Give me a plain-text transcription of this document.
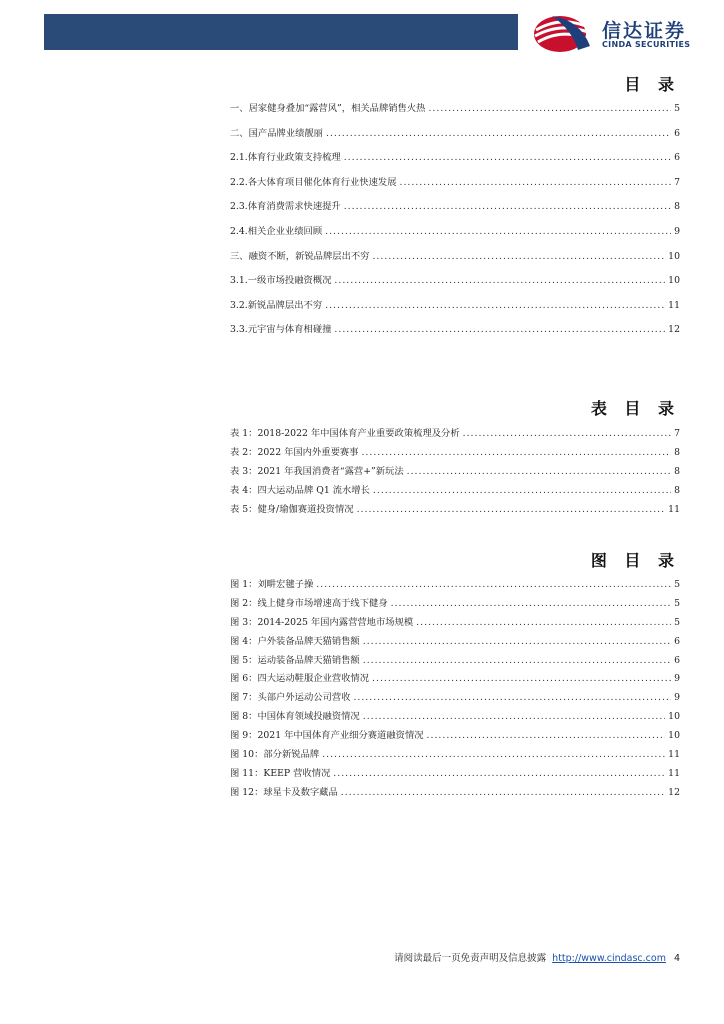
信达证券
CINDA SECURITIES
目 录
一、居家健身叠加“露营风”，相关品牌销售火热 .....	5
二、国产品牌业绩靓丽 .....	6
2.1.体育行业政策支持梳理 .....	6
2.2.各大体育项目催化体育行业快速发展 .....	7
2.3.体育消费需求快速提升 .....	8
2.4.相关企业业绩回顾 .....	9
三、融资不断，新锐品牌层出不穷 .....	10
3.1.一级市场投融资概况 .....	10
3.2.新锐品牌层出不穷 .....	11
3.3.元宇宙与体育相碰撞 .....	12
表 目 录
表 1：2018-2022 年中国体育产业重要政策梳理及分析 .....	7
表 2：2022 年国内外重要赛事 .....	8
表 3：2021 年我国消费者“露营+”新玩法 .....	8
表 4：四大运动品牌 Q1 流水增长 .....	8
表 5：健身/瑜伽赛道投资情况 .....	11
图 目 录
图 1：刘畊宏毽子操 .....	5
图 2：线上健身市场增速高于线下健身 .....	5
图 3：2014-2025 年国内露营营地市场规模 .....	5
图 4：户外装备品牌天猫销售额 .....	6
图 5：运动装备品牌天猫销售额 .....	6
图 6：四大运动鞋服企业营收情况 .....	9
图 7：头部户外运动公司营收 .....	9
图 8：中国体育领域投融资情况 .....	10
图 9：2021 年中国体育产业细分赛道融资情况 .....	10
图 10：部分新锐品牌 .....	11
图 11：KEEP 营收情况 .....	11
图 12：球星卡及数字藏品 .....	12
请阅读最后一页免责声明及信息披露 http://www.cindasc.com 4
